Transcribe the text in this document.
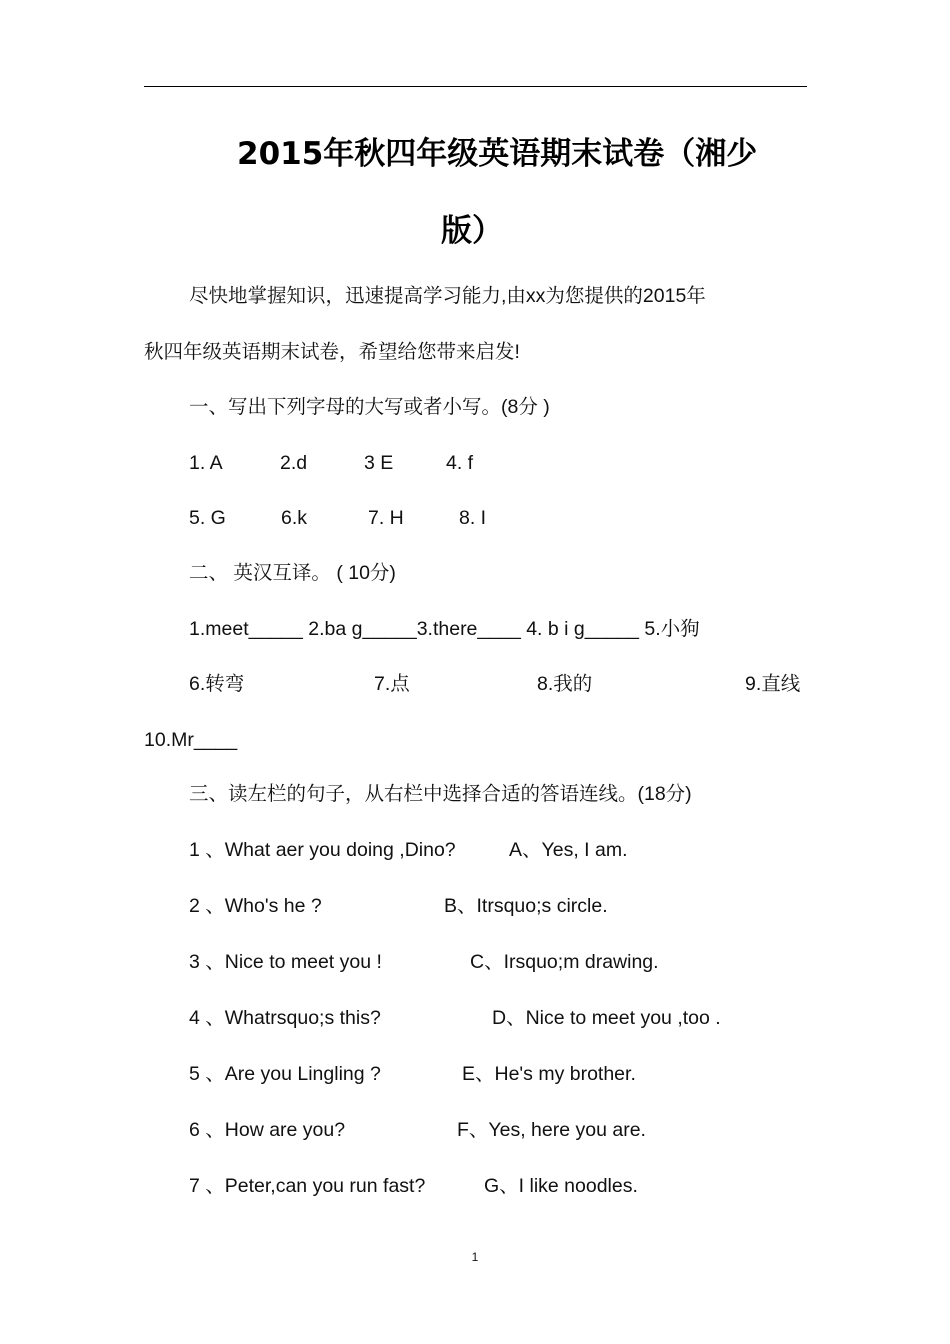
2015年秋四年级英语期末试卷（湘少
版）
尽快地掌握知识，迅速提高学习能力,由xx为您提供的2015年
秋四年级英语期末试卷，希望给您带来启发!
一、写出下列字母的大写或者小写。(8分 )
1. A	2.d	3 E	4. f
5. G	6.k	7. H	8. I
二、 英汉互译。 ( 10分)
1.meet_____ 2.ba g_____3.there____ 4. b i g_____ 5.小狗
6.转弯	7.点	8.我的	9.直线
10.Mr____
三、读左栏的句子，从右栏中选择合适的答语连线。(18分)
1 、What aer you doing ,Dino?	A、Yes, I am.
2 、Who's he ?	B、Itrsquo;s circle.
3 、Nice to meet you !	C、Irsquo;m drawing.
4 、Whatrsquo;s this?	D、Nice to meet you ,too .
5 、Are you Lingling ?	E、He's my brother.
6 、How are you?	F、Yes, here you are.
7 、Peter,can you run fast?	G、I like noodles.
1
